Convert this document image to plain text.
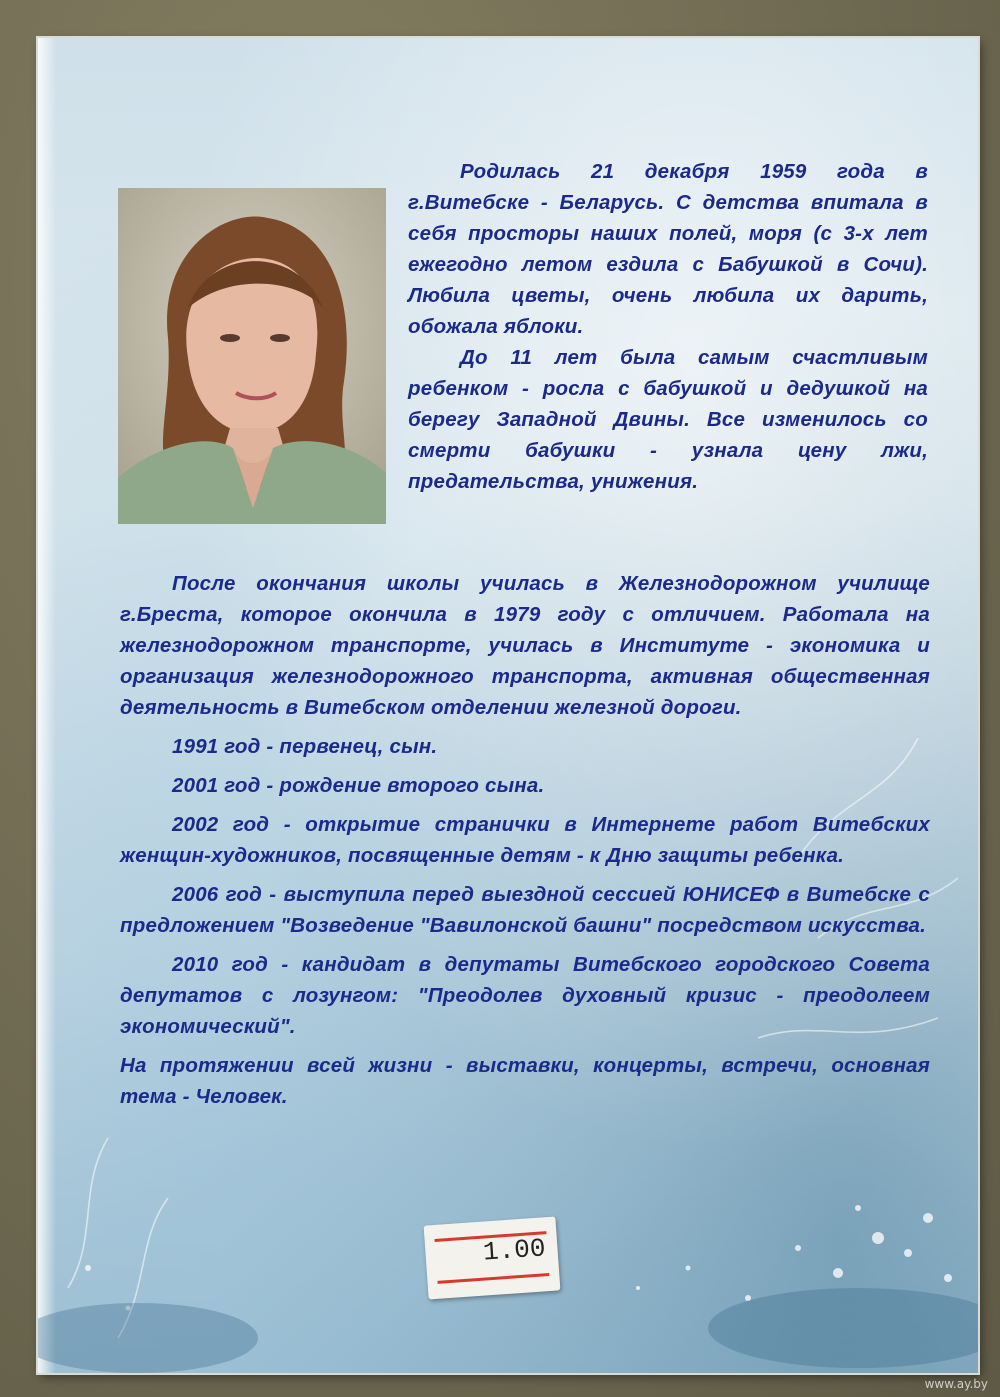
Родилась 21 декабря 1959 года в г.Витебске - Беларусь. С детства впитала в себя просторы наших полей, моря (с 3-х лет ежегодно летом ездила с Бабушкой в Сочи). Любила цветы, очень любила их дарить, обожала яблоки.

До 11 лет была самым счастливым ребенком - росла с бабушкой и дедушкой на берегу Западной Двины. Все изменилось со смерти бабушки - узнала цену лжи, предательства, унижения.

После окончания школы училась в Железнодорожном училище г.Бреста, которое окончила в 1979 году с отличием. Работала на железнодорожном транспорте, училась в Институте - экономика и организация железнодорожного транспорта, активная общественная деятельность в Витебском отделении железной дороги.

1991 год - первенец, сын.

2001 год - рождение второго сына.

2002 год - открытие странички в Интернете работ Витебских женщин-художников, посвященные детям - к Дню защиты ребенка.

2006 год - выступила перед выездной сессией ЮНИСЕФ в Витебске с предложением "Возведение "Вавилонской башни" посредством искусства.

2010 год - кандидат в депутаты Витебского городского Совета депутатов с лозунгом: "Преодолев духовный кризис - преодолеем экономический".

На протяжении всей жизни - выставки, концерты, встречи, основная тема - Человек.

1.00
www.ay.by
